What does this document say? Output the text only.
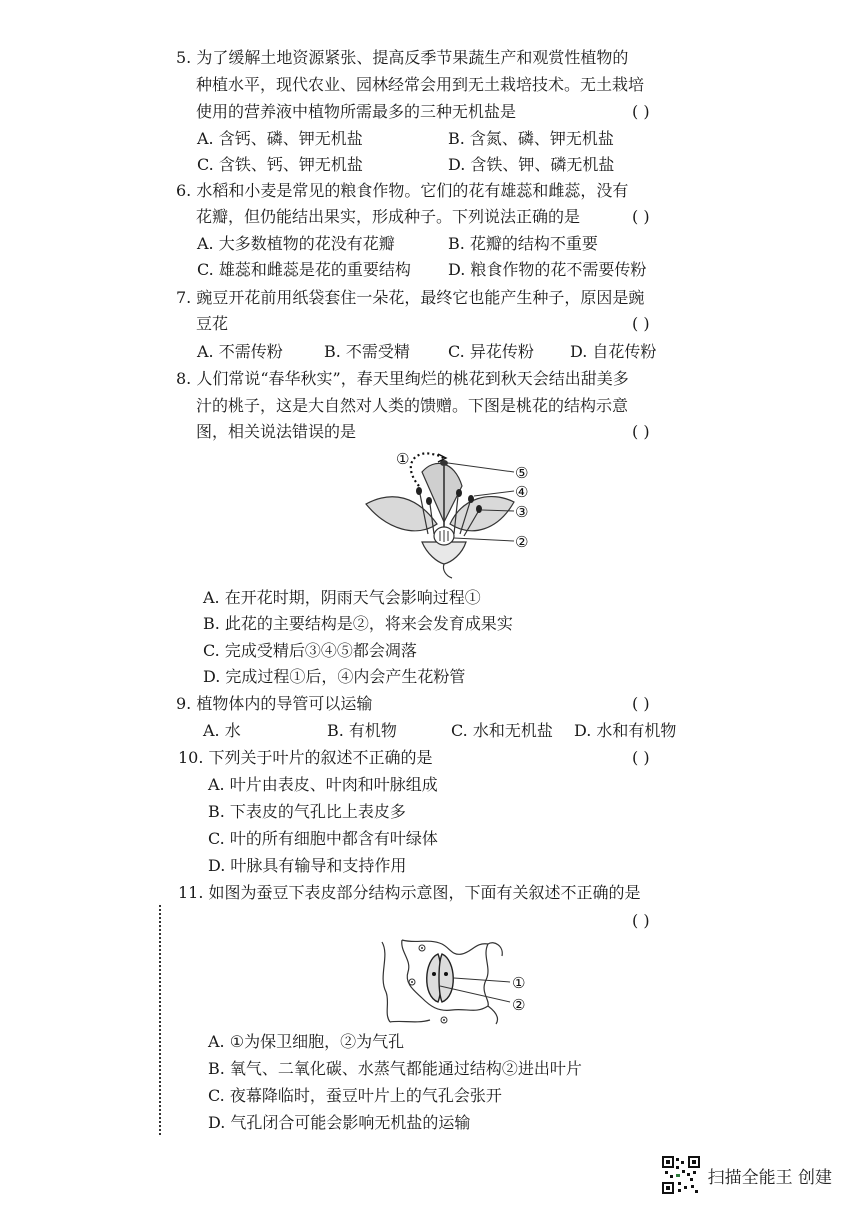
5. 为了缓解土地资源紧张、提高反季节果蔬生产和观赏性植物的
种植水平，现代农业、园林经常会用到无土栽培技术。无土栽培
使用的营养液中植物所需最多的三种无机盐是	( )
A. 含钙、磷、钾无机盐	B. 含氮、磷、钾无机盐
C. 含铁、钙、钾无机盐	D. 含铁、钾、磷无机盐
6. 水稻和小麦是常见的粮食作物。它们的花有雄蕊和雌蕊，没有
花瓣，但仍能结出果实，形成种子。下列说法正确的是	( )
A. 大多数植物的花没有花瓣	B. 花瓣的结构不重要
C. 雄蕊和雌蕊是花的重要结构 D. 粮食作物的花不需要传粉
7. 豌豆开花前用纸袋套住一朵花，最终它也能产生种子，原因是豌
豆花	( )
A. 不需传粉	B. 不需受精 C. 异花传粉 D. 自花传粉
8. 人们常说“春华秋实”，春天里绚烂的桃花到秋天会结出甜美多
汁的桃子，这是大自然对人类的馈赠。下图是桃花的结构示意
图，相关说法错误的是	( )
①
⑤
④
③
②
A. 在开花时期，阴雨天气会影响过程①
B. 此花的主要结构是②，将来会发育成果实
C. 完成受精后③④⑤都会凋落
D. 完成过程①后，④内会产生花粉管
9. 植物体内的导管可以运输	( )
A. 水	B. 有机物	C. 水和无机盐 D. 水和有机物
10. 下列关于叶片的叙述不正确的是	( )
A. 叶片由表皮、叶肉和叶脉组成
B. 下表皮的气孔比上表皮多
C. 叶的所有细胞中都含有叶绿体
D. 叶脉具有输导和支持作用
11. 如图为蚕豆下表皮部分结构示意图，下面有关叙述不正确的是
( )
①
②
A. ①为保卫细胞，②为气孔
B. 氧气、二氧化碳、水蒸气都能通过结构②进出叶片
C. 夜幕降临时，蚕豆叶片上的气孔会张开
D. 气孔闭合可能会影响无机盐的运输
扫描全能王 创建
